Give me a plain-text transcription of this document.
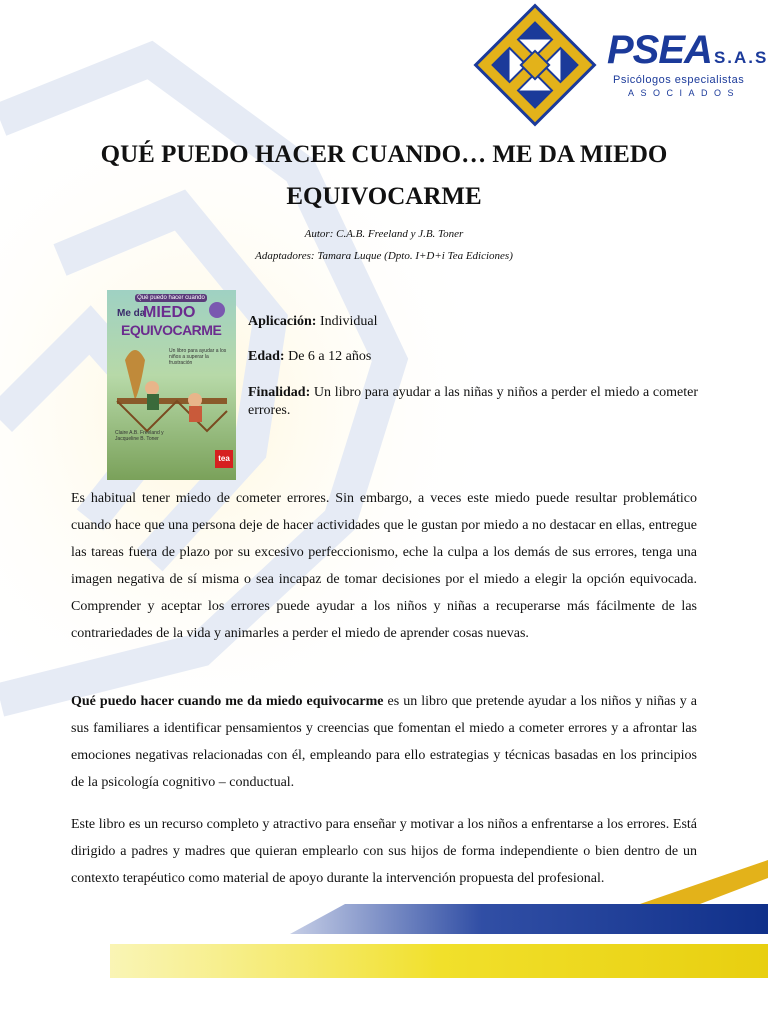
PSEA S.A.S
Psicólogos especialistas
ASOCIADOS
QUÉ PUEDO HACER CUANDO… ME DA MIEDO EQUIVOCARME
Autor: C.A.B. Freeland y J.B. Toner
Adaptadores: Tamara Luque (Dpto. I+D+i Tea Ediciones)
Qué puedo hacer cuando
Me da
MIEDO
EQUIVOCARME
Un libro para ayudar a los niños a superar la frustración
Claire A.B. Freeland y Jacqueline B. Toner
tea
Aplicación: Individual
Edad: De 6 a 12 años
Finalidad: Un libro para ayudar a las niñas y niños a perder el miedo a cometer errores.

Es habitual tener miedo de cometer errores. Sin embargo, a veces este miedo puede resultar problemático cuando hace que una persona deje de hacer actividades que le gustan por miedo a no destacar en ellas, entregue las tareas fuera de plazo por su excesivo perfeccionismo, eche la culpa a los demás de sus errores, tenga una imagen negativa de sí misma o sea incapaz de tomar decisiones por el miedo a elegir la opción equivocada. Comprender y aceptar los errores puede ayudar a los niños y niñas a recuperarse más fácilmente de las contrariedades de la vida y animarles a perder el miedo de aprender cosas nuevas.

Qué puedo hacer cuando me da miedo equivocarme es un libro que pretende ayudar a los niños y niñas y a sus familiares a identificar pensamientos y creencias que fomentan el miedo a cometer errores y a afrontar las emociones negativas relacionadas con él, empleando para ello estrategias y técnicas basadas en los principios de la psicología cognitivo – conductual.

Este libro es un recurso completo y atractivo para enseñar y motivar a los niños a enfrentarse a los errores. Está dirigido a padres y madres que quieran emplearlo con sus hijos de forma independiente o bien dentro de un contexto terapéutico como material de apoyo durante la intervención propuesta del profesional.
